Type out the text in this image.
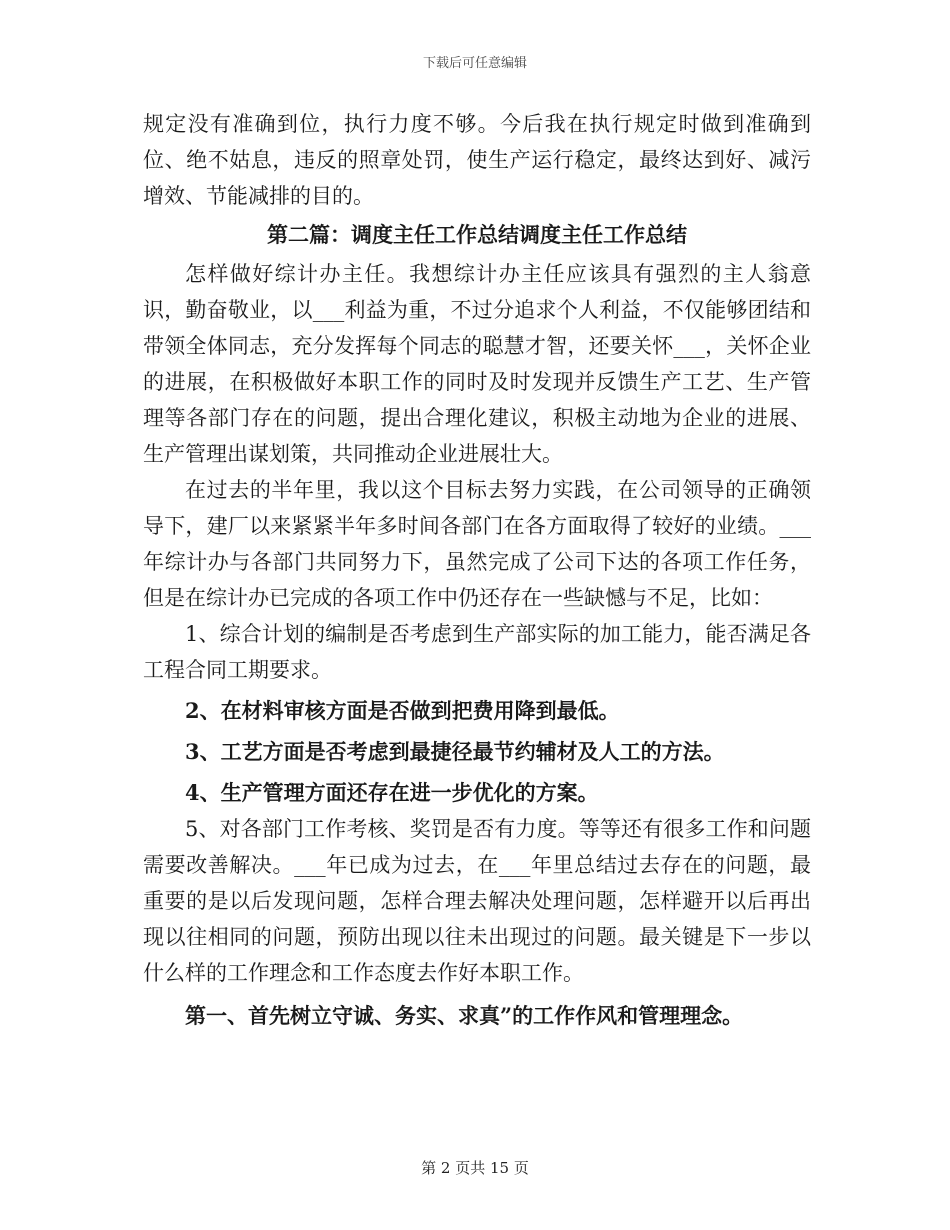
下载后可任意编辑

规定没有准确到位，执行力度不够。今后我在执行规定时做到准确到位、绝不姑息，违反的照章处罚，使生产运行稳定，最终达到好、减污增效、节能减排的目的。

第二篇：调度主任工作总结调度主任工作总结

怎样做好综计办主任。我想综计办主任应该具有强烈的主人翁意识，勤奋敬业，以___利益为重，不过分追求个人利益，不仅能够团结和带领全体同志，充分发挥每个同志的聪慧才智，还要关怀___，关怀企业的进展，在积极做好本职工作的同时及时发现并反馈生产工艺、生产管理等各部门存在的问题，提出合理化建议，积极主动地为企业的进展、生产管理出谋划策，共同推动企业进展壮大。

在过去的半年里，我以这个目标去努力实践，在公司领导的正确领导下，建厂以来紧紧半年多时间各部门在各方面取得了较好的业绩。___年综计办与各部门共同努力下，虽然完成了公司下达的各项工作任务，但是在综计办已完成的各项工作中仍还存在一些缺憾与不足，比如：

1、综合计划的编制是否考虑到生产部实际的加工能力，能否满足各工程合同工期要求。

2、在材料审核方面是否做到把费用降到最低。

3、工艺方面是否考虑到最捷径最节约辅材及人工的方法。

4、生产管理方面还存在进一步优化的方案。

5、对各部门工作考核、奖罚是否有力度。等等还有很多工作和问题需要改善解决。___年已成为过去，在___年里总结过去存在的问题，最重要的是以后发现问题，怎样合理去解决处理问题，怎样避开以后再出现以往相同的问题，预防出现以往未出现过的问题。最关键是下一步以什么样的工作理念和工作态度去作好本职工作。

第一、首先树立守诚、务实、求真”的工作作风和管理理念。

第 2 页共 15 页
